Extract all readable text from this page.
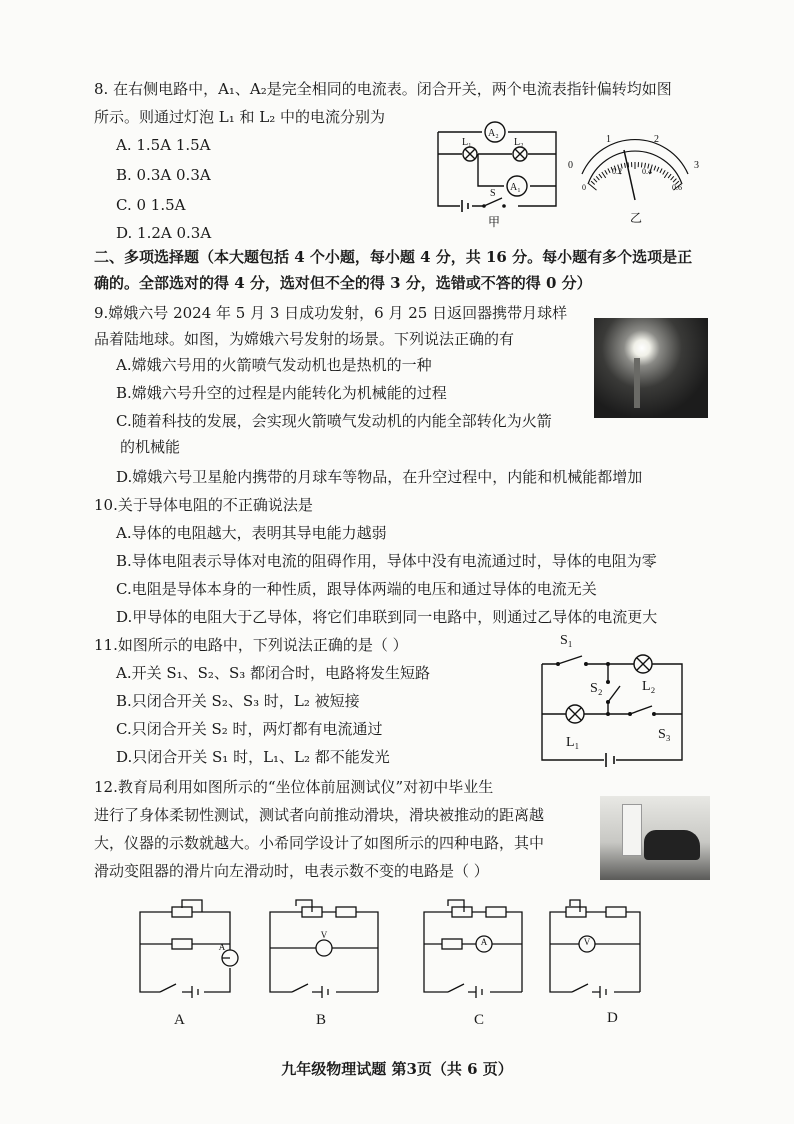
8. 在右侧电路中，A₁、A₂是完全相同的电流表。闭合开关，两个电流表指针偏转均如图
所示。则通过灯泡 L₁ 和 L₂ 中的电流分别为
A. 1.5A 1.5A
B. 0.3A 0.3A
C. 0 1.5A
D. 1.2A 0.3A
A₂
A₁
L₁	L₂
S
甲
0
1	2
3
0
0.2	0.4
0.6
乙
二、多项选择题（本大题包括 4 个小题，每小题 4 分，共 16 分。每小题有多个选项是正
确的。全部选对的得 4 分，选对但不全的得 3 分，选错或不答的得 0 分）
9.嫦娥六号 2024 年 5 月 3 日成功发射，6 月 25 日返回器携带月球样
品着陆地球。如图，为嫦娥六号发射的场景。下列说法正确的有
A.嫦娥六号用的火箭喷气发动机也是热机的一种
B.嫦娥六号升空的过程是内能转化为机械能的过程
C.随着科技的发展，会实现火箭喷气发动机的内能全部转化为火箭
的机械能
D.嫦娥六号卫星舱内携带的月球车等物品，在升空过程中，内能和机械能都增加
10.关于导体电阻的不正确说法是
A.导体的电阻越大，表明其导电能力越弱
B.导体电阻表示导体对电流的阻碍作用，导体中没有电流通过时，导体的电阻为零
C.电阻是导体本身的一种性质，跟导体两端的电压和通过导体的电流无关
D.甲导体的电阻大于乙导体，将它们串联到同一电路中，则通过乙导体的电流更大
11.如图所示的电路中，下列说法正确的是（ ）
A.开关 S₁、S₂、S₃ 都闭合时，电路将发生短路
B.只闭合开关 S₂、S₃ 时，L₂ 被短接
C.只闭合开关 S₂ 时，两灯都有电流通过
D.只闭合开关 S₁ 时，L₁、L₂ 都不能发光
S₁
S₂	L₂
L₁
S₃
12.教育局利用如图所示的“坐位体前屈测试仪”对初中毕业生
进行了身体柔韧性测试，测试者向前推动滑块，滑块被推动的距离越
大，仪器的示数就越大。小希同学设计了如图所示的四种电路，其中
滑动变阻器的滑片向左滑动时，电表示数不变的电路是（ ）
A
V
A	V
A	B	C	D
九年级物理试题 第3页（共 6 页）
